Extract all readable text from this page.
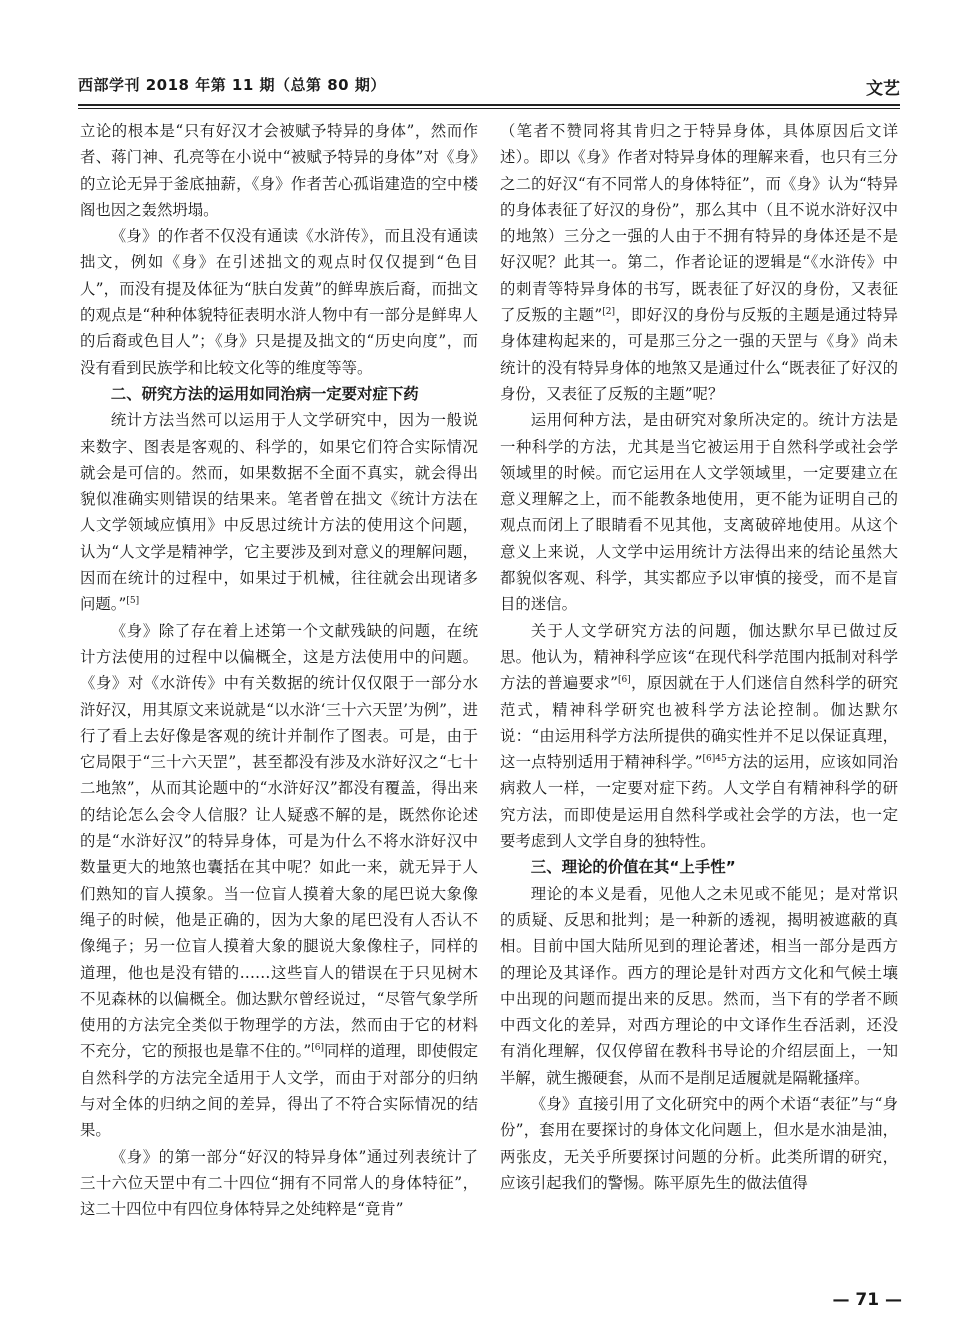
西部学刊 2018 年第 11 期（总第 80 期）	文艺

立论的根本是“只有好汉才会被赋予特异的身体”，然而作者、蒋门神、孔亮等在小说中“被赋予特异的身体”对《身》的立论无异于釜底抽薪，《身》作者苦心孤诣建造的空中楼阁也因之轰然坍塌。

《身》的作者不仅没有通读《水浒传》，而且没有通读拙文，例如《身》在引述拙文的观点时仅仅提到“色目人”，而没有提及体征为“肤白发黄”的鲜卑族后裔，而拙文的观点是“种种体貌特征表明水浒人物中有一部分是鲜卑人的后裔或色目人”；《身》只是提及拙文的“历史向度”，而没有看到民族学和比较文化等的维度等等。

二、研究方法的运用如同治病一定要对症下药

统计方法当然可以运用于人文学研究中，因为一般说来数字、图表是客观的、科学的，如果它们符合实际情况就会是可信的。然而，如果数据不全面不真实，就会得出貌似准确实则错误的结果来。笔者曾在拙文《统计方法在人文学领域应慎用》中反思过统计方法的使用这个问题，认为“人文学是精神学，它主要涉及到对意义的理解问题，因而在统计的过程中，如果过于机械，往往就会出现诸多问题。”[5]

《身》除了存在着上述第一个文献残缺的问题，在统计方法使用的过程中以偏概全，这是方法使用中的问题。《身》对《水浒传》中有关数据的统计仅仅限于一部分水浒好汉，用其原文来说就是“以水浒‘三十六天罡’为例”，进行了看上去好像是客观的统计并制作了图表。可是，由于它局限于“三十六天罡”，甚至都没有涉及水浒好汉之“七十二地煞”，从而其论题中的“水浒好汉”都没有覆盖，得出来的结论怎么会令人信服？让人疑惑不解的是，既然你论述的是“水浒好汉”的特异身体，可是为什么不将水浒好汉中数量更大的地煞也囊括在其中呢？如此一来，就无异于人们熟知的盲人摸象。当一位盲人摸着大象的尾巴说大象像绳子的时候，他是正确的，因为大象的尾巴没有人否认不像绳子；另一位盲人摸着大象的腿说大象像柱子，同样的道理，他也是没有错的……这些盲人的错误在于只见树木不见森林的以偏概全。伽达默尔曾经说过，“尽管气象学所使用的方法完全类似于物理学的方法，然而由于它的材料不充分，它的预报也是靠不住的。”[6]同样的道理，即使假定自然科学的方法完全适用于人文学，而由于对部分的归纳与对全体的归纳之间的差异，得出了不符合实际情况的结果。

《身》的第一部分“好汉的特异身体”通过列表统计了三十六位天罡中有二十四位“拥有不同常人的身体特征”，这二十四位中有四位身体特异之处纯粹是“竟肯”

（笔者不赞同将其肯归之于特异身体，具体原因后文详述）。即以《身》作者对特异身体的理解来看，也只有三分之二的好汉“有不同常人的身体特征”，而《身》认为“特异的身体表征了好汉的身份”，那么其中（且不说水浒好汉中的地煞）三分之一强的人由于不拥有特异的身体还是不是好汉呢？此其一。第二，作者论证的逻辑是“《水浒传》中的刺青等特异身体的书写，既表征了好汉的身份，又表征了反叛的主题”[2]，即好汉的身份与反叛的主题是通过特异身体建构起来的，可是那三分之一强的天罡与《身》尚未统计的没有特异身体的地煞又是通过什么“既表征了好汉的身份，又表征了反叛的主题”呢？

运用何种方法，是由研究对象所决定的。统计方法是一种科学的方法，尤其是当它被运用于自然科学或社会学领域里的时候。而它运用在人文学领域里，一定要建立在意义理解之上，而不能教条地使用，更不能为证明自己的观点而闭上了眼睛看不见其他，支离破碎地使用。从这个意义上来说，人文学中运用统计方法得出来的结论虽然大都貌似客观、科学，其实都应予以审慎的接受，而不是盲目的迷信。

关于人文学研究方法的问题，伽达默尔早已做过反思。他认为，精神科学应该“在现代科学范围内抵制对科学方法的普遍要求”[6]，原因就在于人们迷信自然科学的研究范式，精神科学研究也被科学方法论控制。伽达默尔说：“由运用科学方法所提供的确实性并不足以保证真理，这一点特别适用于精神科学。”$^{[6]45}$方法的运用，应该如同治病救人一样，一定要对症下药。人文学自有精神科学的研究方法，而即使是运用自然科学或社会学的方法，也一定要考虑到人文学自身的独特性。

三、理论的价值在其“上手性”

理论的本义是看，见他人之未见或不能见；是对常识的质疑、反思和批判；是一种新的透视，揭明被遮蔽的真相。目前中国大陆所见到的理论著述，相当一部分是西方的理论及其译作。西方的理论是针对西方文化和气候土壤中出现的问题而提出来的反思。然而，当下有的学者不顾中西文化的差异，对西方理论的中文译作生吞活剥，还没有消化理解，仅仅停留在教科书导论的介绍层面上，一知半解，就生搬硬套，从而不是削足适履就是隔靴搔痒。

《身》直接引用了文化研究中的两个术语“表征”与“身份”，套用在要探讨的身体文化问题上，但水是水油是油，两张皮，无关乎所要探讨问题的分析。此类所谓的研究，应该引起我们的警惕。陈平原先生的做法值得

— 71 —
